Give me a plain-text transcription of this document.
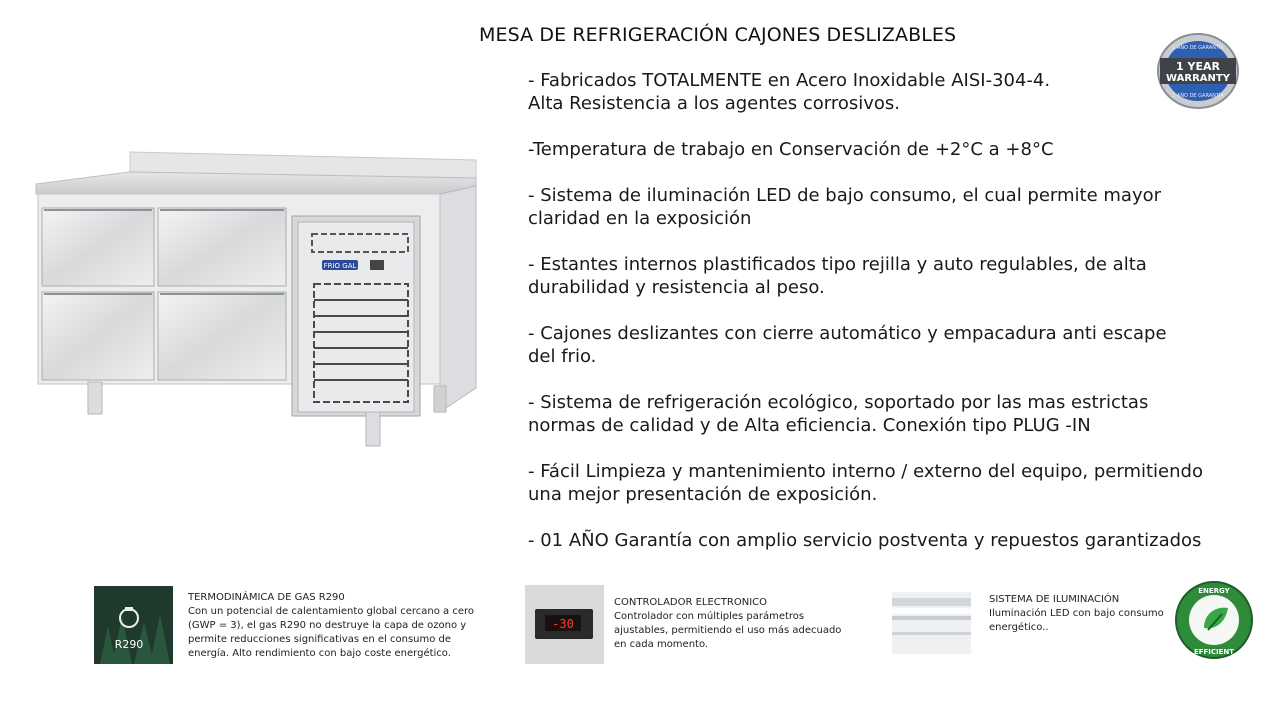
MESA DE REFRIGERACIÓN CAJONES DESLIZABLES
- Fabricados TOTALMENTE en Acero Inoxidable AISI-304-4.
Alta Resistencia a los agentes corrosivos.
-Temperatura de trabajo en Conservación de +2°C a +8°C
- Sistema de iluminación LED de bajo consumo, el cual permite mayor
claridad en la exposición
- Estantes internos plastificados tipo rejilla y auto regulables, de alta
durabilidad y resistencia al peso.
- Cajones deslizantes con cierre automático y empacadura anti escape
del frio.
- Sistema de refrigeración ecológico, soportado por las mas estrictas
normas de calidad y de Alta eficiencia. Conexión tipo PLUG -IN
- Fácil Limpieza y mantenimiento interno / externo del equipo, permitiendo
una mejor presentación de exposición.
- 01 AÑO Garantía con amplio servicio postventa y repuestos garantizados
FRIO GAL
1 YEAR
WARRANTY
1 AÑO DE GARANTÍA
1 AÑO DE GARANTÍA
R290
TERMODINÁMICA DE GAS R290
Con un potencial de calentamiento global cercano a cero
(GWP = 3), el gas R290 no destruye la capa de ozono y
permite reducciones significativas en el consumo de
energía. Alto rendimiento con bajo coste energético.
-30
CONTROLADOR ELECTRONICO
Controlador con múltiples parámetros
ajustables, permitiendo el uso más adecuado
en cada momento.
SISTEMA DE ILUMINACIÓN
Iluminación LED con bajo consumo
energético..
ENERGY
EFFICIENT
